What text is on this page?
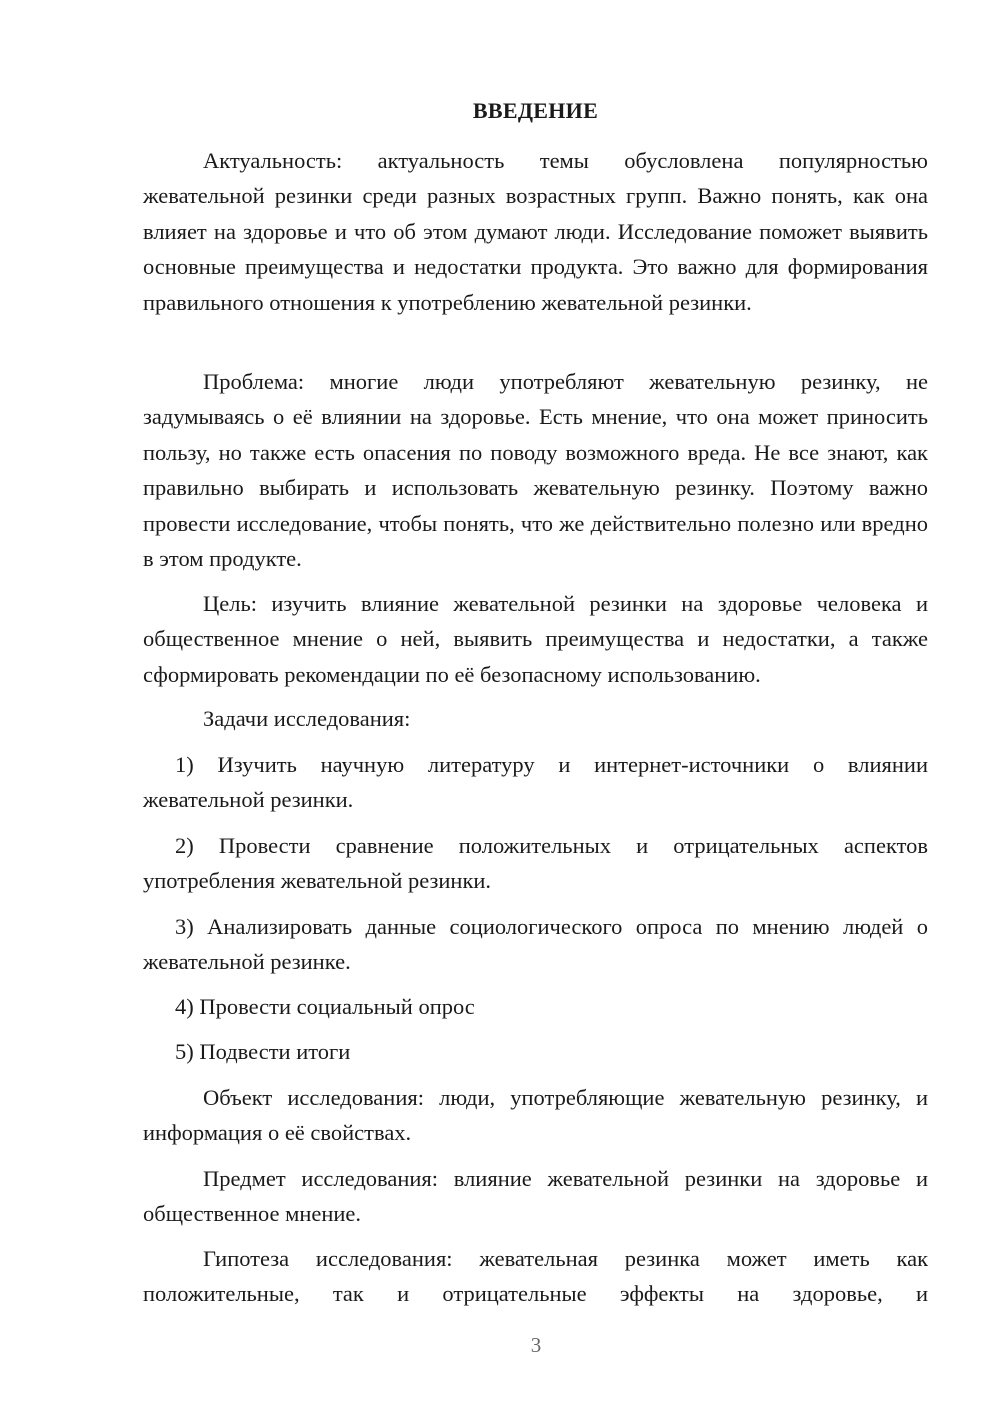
ВВЕДЕНИЕ

Актуальность: актуальность темы обусловлена популярностью жевательной резинки среди разных возрастных групп. Важно понять, как она влияет на здоровье и что об этом думают люди. Исследование поможет выявить основные преимущества и недостатки продукта. Это важно для формирования правильного отношения к употреблению жевательной резинки.

Проблема: многие люди употребляют жевательную резинку, не задумываясь о её влиянии на здоровье. Есть мнение, что она может приносить пользу, но также есть опасения по поводу возможного вреда. Не все знают, как правильно выбирать и использовать жевательную резинку. Поэтому важно провести исследование, чтобы понять, что же действительно полезно или вредно в этом продукте.

Цель: изучить влияние жевательной резинки на здоровье человека и общественное мнение о ней, выявить преимущества и недостатки, а также сформировать рекомендации по её безопасному использованию.

Задачи исследования:

1) Изучить научную литературу и интернет-источники о влиянии жевательной резинки.

2) Провести сравнение положительных и отрицательных аспектов употребления жевательной резинки.

3) Анализировать данные социологического опроса по мнению людей о жевательной резинке.

4) Провести социальный опрос

5) Подвести итоги

Объект исследования: люди, употребляющие жевательную резинку, и информация о её свойствах.

Предмет исследования: влияние жевательной резинки на здоровье и общественное мнение.

Гипотеза исследования: жевательная резинка может иметь как положительные, так и отрицательные эффекты на здоровье, и

3
